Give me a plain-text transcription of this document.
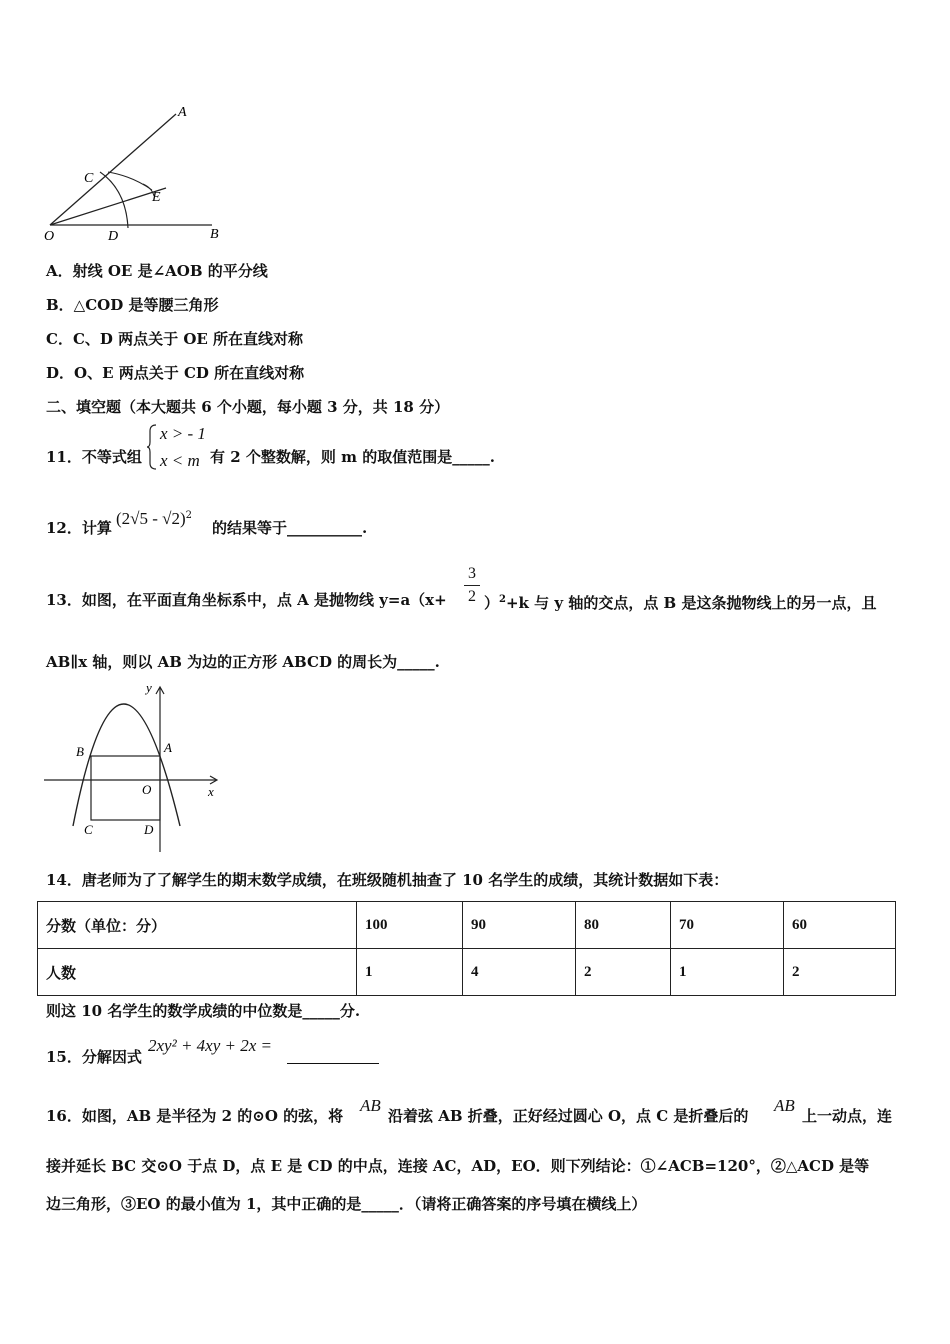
A
C
E
O	D	B
A．射线 OE 是∠AOB 的平分线
B．△COD 是等腰三角形
C．C、D 两点关于 OE 所在直线对称
D．O、E 两点关于 CD 所在直线对称
二、填空题（本大题共 6 个小题，每小题 3 分，共 18 分）
11．不等式组
x > - 1
x < m 有 2 个整数解，则 m 的取值范围是_____.
12．计算 (2√5 - √2)$^2$
的结果等于__________.
13．如图，在平面直角坐标系中，点 A 是抛物线 y=a（x+
3
2 ）$^2$+k 与 y 轴的交点，点 B 是这条抛物线上的另一点，且
AB∥x 轴，则以 AB 为边的正方形 ABCD 的周长为_____.
y
B	A
O	x
C	D
14．唐老师为了了解学生的期末数学成绩，在班级随机抽查了 10 名学生的成绩，其统计数据如下表：
分数（单位：分）	100	90	80	70	60
人数	1	4	2	1	2
则这 10 名学生的数学成绩的中位数是_____分.
15．分解因式
2xy² + 4xy + 2x =
16．如图，AB 是半径为 2 的⊙O 的弦，将
AB
沿着弦 AB 折叠，正好经过圆心 O，点 C 是折叠后的
AB
上一动点，连
接并延长 BC 交⊙O 于点 D，点 E 是 CD 的中点，连接 AC，AD，EO．则下列结论：①∠ACB=120°，②△ACD 是等
边三角形，③EO 的最小值为 1，其中正确的是_____．（请将正确答案的序号填在横线上）
